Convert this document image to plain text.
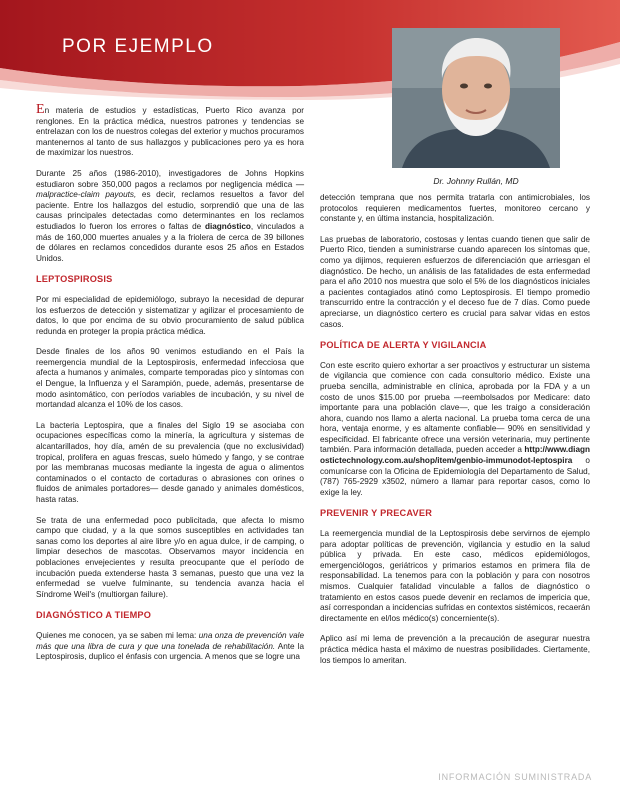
POR EJEMPLO
Dr. Johnny Rullán, MD

En materia de estudios y estadísticas, Puerto Rico avanza por renglones. En la práctica médica, nuestros patrones y tendencias se entrelazan con los de nuestros colegas del exterior y muchos procuramos mantenernos al tanto de sus hallazgos y publicaciones pero ya es hora de maximizar los nuestros.

Durante 25 años (1986-2010), investigadores de Johns Hopkins estudiaron sobre 350,000 pagos a reclamos por negligencia médica —malpractice-claim payouts, es decir, reclamos resueltos a favor del paciente. Entre los hallazgos del estudio, sorprendió que una de las causas principales detectadas como determinantes en los reclamos estudiados lo fueron los errores o faltas de diagnóstico, vinculados a más de 160,000 muertes anuales y a la friolera de cerca de 39 billones de dólares en reclamos concedidos durante esos 25 años en Estados Unidos.

LEPTOSPIROSIS

Por mi especialidad de epidemiólogo, subrayo la necesidad de depurar los esfuerzos de detección y sistematizar y agilizar el procesamiento de datos, lo que por encima de su obvio procuramiento de salud pública redunda en proteger la propia práctica médica.

Desde finales de los años 90 venimos estudiando en el País la reemergencia mundial de la Leptospirosis, enfermedad infecciosa que afecta a humanos y animales, comparte temporadas pico y síntomas con el Dengue, la Influenza y el Sarampión, puede, además, presentarse de modo asintomático, con períodos variables de incubación, y su nivel de mortandad alcanza el 10% de los casos.

La bacteria Leptospira, que a finales del Siglo 19 se asociaba con ocupaciones específicas como la minería, la agricultura y sistemas de alcantarillados, hoy día, amén de su prevalencia (que no exclusividad) tropical, prolifera en aguas frescas, suelo húmedo y fango, y se contrae por las membranas mucosas mediante la ingesta de agua o alimentos contaminados o el contacto de cortaduras o abrasiones con orines o fluidos de animales portadores— desde ganado y animales domésticos, hasta ratas.

Se trata de una enfermedad poco publicitada, que afecta lo mismo campo que ciudad, y a la que somos susceptibles en actividades tan sanas como los deportes al aire libre y/o en agua dulce, ir de camping, o limpiar desechos de mascotas. Observamos mayor incidencia en poblaciones envejecientes y resulta preocupante que el período de incubación pueda extenderse hasta 3 semanas, puesto que una vez la enfermedad se vuelve fulminante, su tendencia avanza hacia el Síndrome Weil's (multiorgan failure).

DIAGNÓSTICO A TIEMPO

Quienes me conocen, ya se saben mi lema: una onza de prevención vale más que una libra de cura y que una tonelada de rehabilitación. Ante la Leptospirosis, duplico el énfasis con urgencia. A menos que se logre una

detección temprana que nos permita tratarla con antimicrobiales, los protocolos requieren medicamentos fuertes, monitoreo cercano y constante y, en última instancia, hospitalización.

Las pruebas de laboratorio, costosas y lentas cuando tienen que salir de Puerto Rico, tienden a suministrarse cuando aparecen los síntomas que, como ya dijimos, requieren esfuerzos de diferenciación que arriesgan el diagnóstico. De hecho, un análisis de las fatalidades de esta enfermedad para el año 2010 nos muestra que solo el 5% de los diagnósticos iniciales a pacientes contagiados atinó como Leptospirosis. El tiempo promedio transcurrido entre la contracción y el deceso fue de 7 días. Como puede apreciarse, un diagnóstico certero es crucial para salvar vidas en estos casos.

POLÍTICA DE ALERTA Y VIGILANCIA

Con este escrito quiero exhortar a ser proactivos y estructurar un sistema de vigilancia que comience con cada consultorio médico. Existe una prueba sencilla, administrable en clínica, aprobada por la FDA y a un costo de unos $15.00 por prueba —reembolsados por Medicare: dato importante para una población clave—, que les traigo a consideración ahora, cuando nos llamo a alerta nacional. La prueba toma cerca de una hora, ventaja enorme, y es altamente confiable— 90% en sensitividad y especificidad. El fabricante ofrece una versión veterinaria, muy pertinente también. Para información detallada, pueden acceder a http://www.diagnostictechnology.com.au/shop/item/genbio-immunodot-leptospira o comunícarse con la Oficina de Epidemiología del Departamento de Salud, (787) 765-2929 x3502, número a llamar para reportar casos, como lo exige la ley.

PREVENIR Y PRECAVER

La reemergencia mundial de la Leptospirosis debe servirnos de ejemplo para adoptar políticas de prevención, vigilancia y estudio en la salud pública y privada. En este caso, médicos epidemiólogos, emergenciólogos, geriátricos y primarios estamos en primera fila de responsabilidad. La tenemos para con la población y para con nosotros mismos. Cualquier fatalidad vinculable a fallos de diagnóstico o tratamiento en estos casos puede devenir en reclamos de impericia que, así correspondan a incidencias sufridas en contextos sistémicos, recaerán directamente en el/los médico(s) concerniente(s).

Aplico así mi lema de prevención a la precaución de asegurar nuestra práctica médica hasta el máximo de nuestras posibilidades. Ciertamente, los tiempos lo ameritan.

INFORMACIÓN SUMINISTRADA
